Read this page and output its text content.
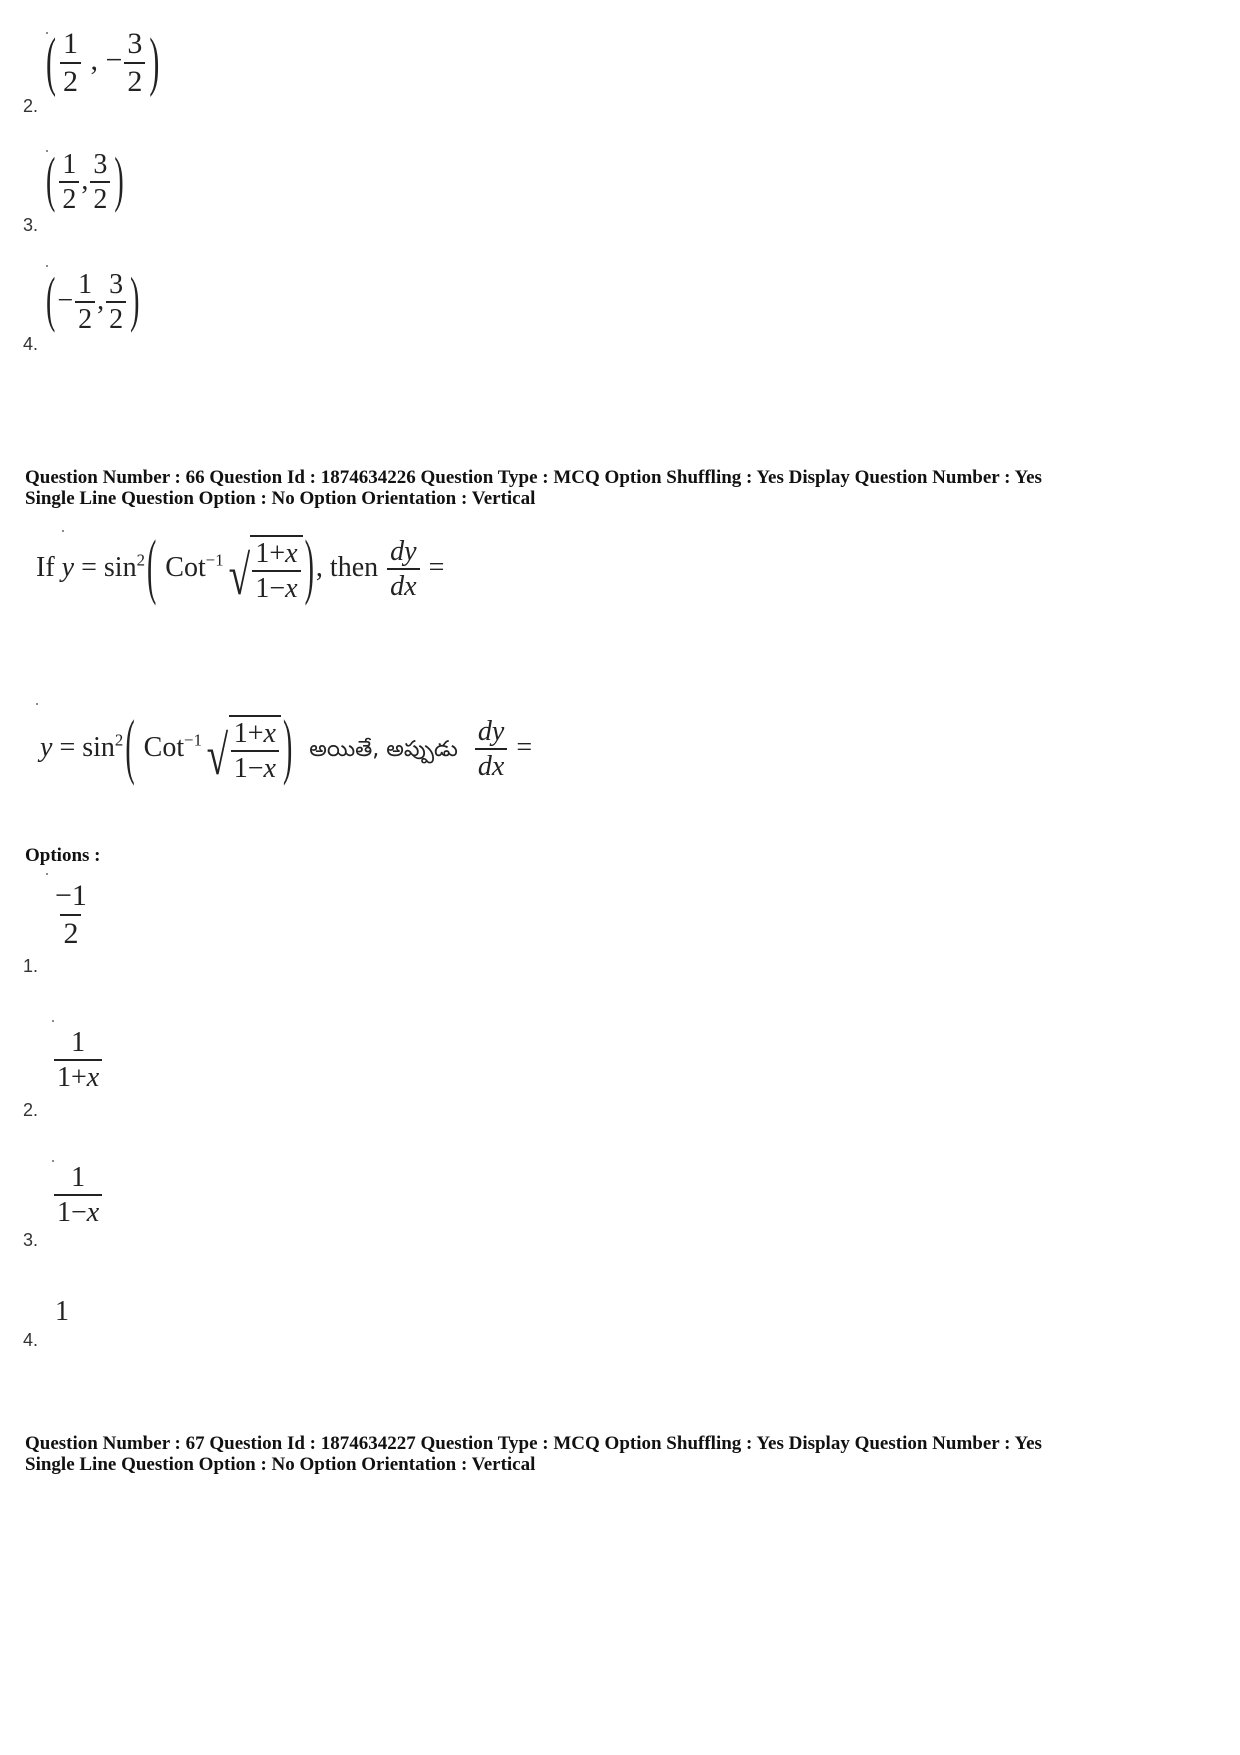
2.
( $\frac{1}{2}$ , − $\frac{3}{2}$ )
3.
( $\frac{1}{2}$ , $\frac{3}{2}$ )
4.
(− $\frac{1}{2}$ , $\frac{3}{2}$ )
Question Number : 66 Question Id : 1874634226 Question Type : MCQ Option Shuffling : Yes Display Question Number : Yes
Single Line Question Option : No Option Orientation : Vertical
If $y = \sin^2$( Cot$^{-1}$ √ $\frac{1+x}{1-x}$ ), then $\frac{dy}{dx}$ =
$y = \sin^2$( Cot$^{-1}$ √ $\frac{1+x}{1-x}$ ) అయితే, అప్పుడు $\frac{dy}{dx}$ =
Options :
1.
$\frac{-1}{2}$
2.
$\frac{1}{1+x}$
3.
$\frac{1}{1-x}$
4.
1
Question Number : 67 Question Id : 1874634227 Question Type : MCQ Option Shuffling : Yes Display Question Number : Yes
Single Line Question Option : No Option Orientation : Vertical
